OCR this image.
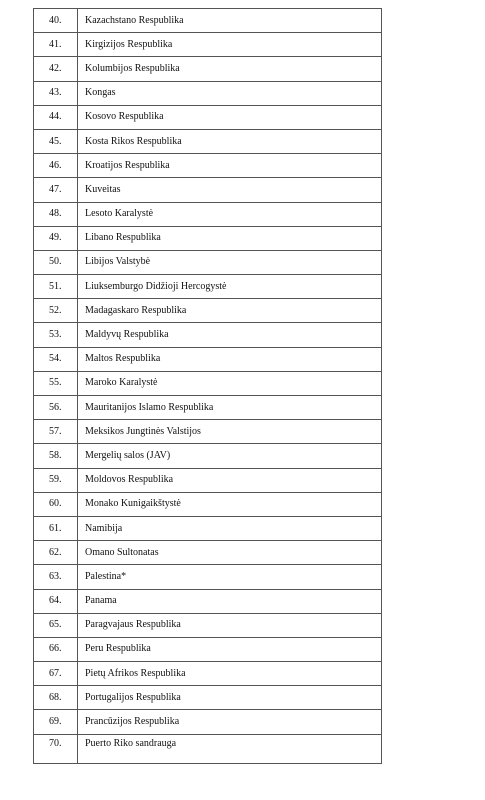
40.	Kazachstano Respublika
41.	Kirgizijos Respublika
42.	Kolumbijos Respublika
43.	Kongas
44.	Kosovo Respublika
45.	Kosta Rikos Respublika
46.	Kroatijos Respublika
47.	Kuveitas
48.	Lesoto Karalystė
49.	Libano Respublika
50.	Libijos Valstybė
51.	Liuksemburgo Didžioji Hercogystė
52.	Madagaskaro Respublika
53.	Maldyvų Respublika
54.	Maltos Respublika
55.	Maroko Karalystė
56.	Mauritanijos Islamo Respublika
57.	Meksikos Jungtinės Valstijos
58.	Mergelių salos (JAV)
59.	Moldovos Respublika
60.	Monako Kunigaikštystė
61.	Namibija
62.	Omano Sultonatas
63.	Palestina*
64.	Panama
65.	Paragvajaus Respublika
66.	Peru Respublika
67.	Pietų Afrikos Respublika
68.	Portugalijos Respublika
69.	Prancūzijos Respublika
70.	Puerto Riko sandrauga
